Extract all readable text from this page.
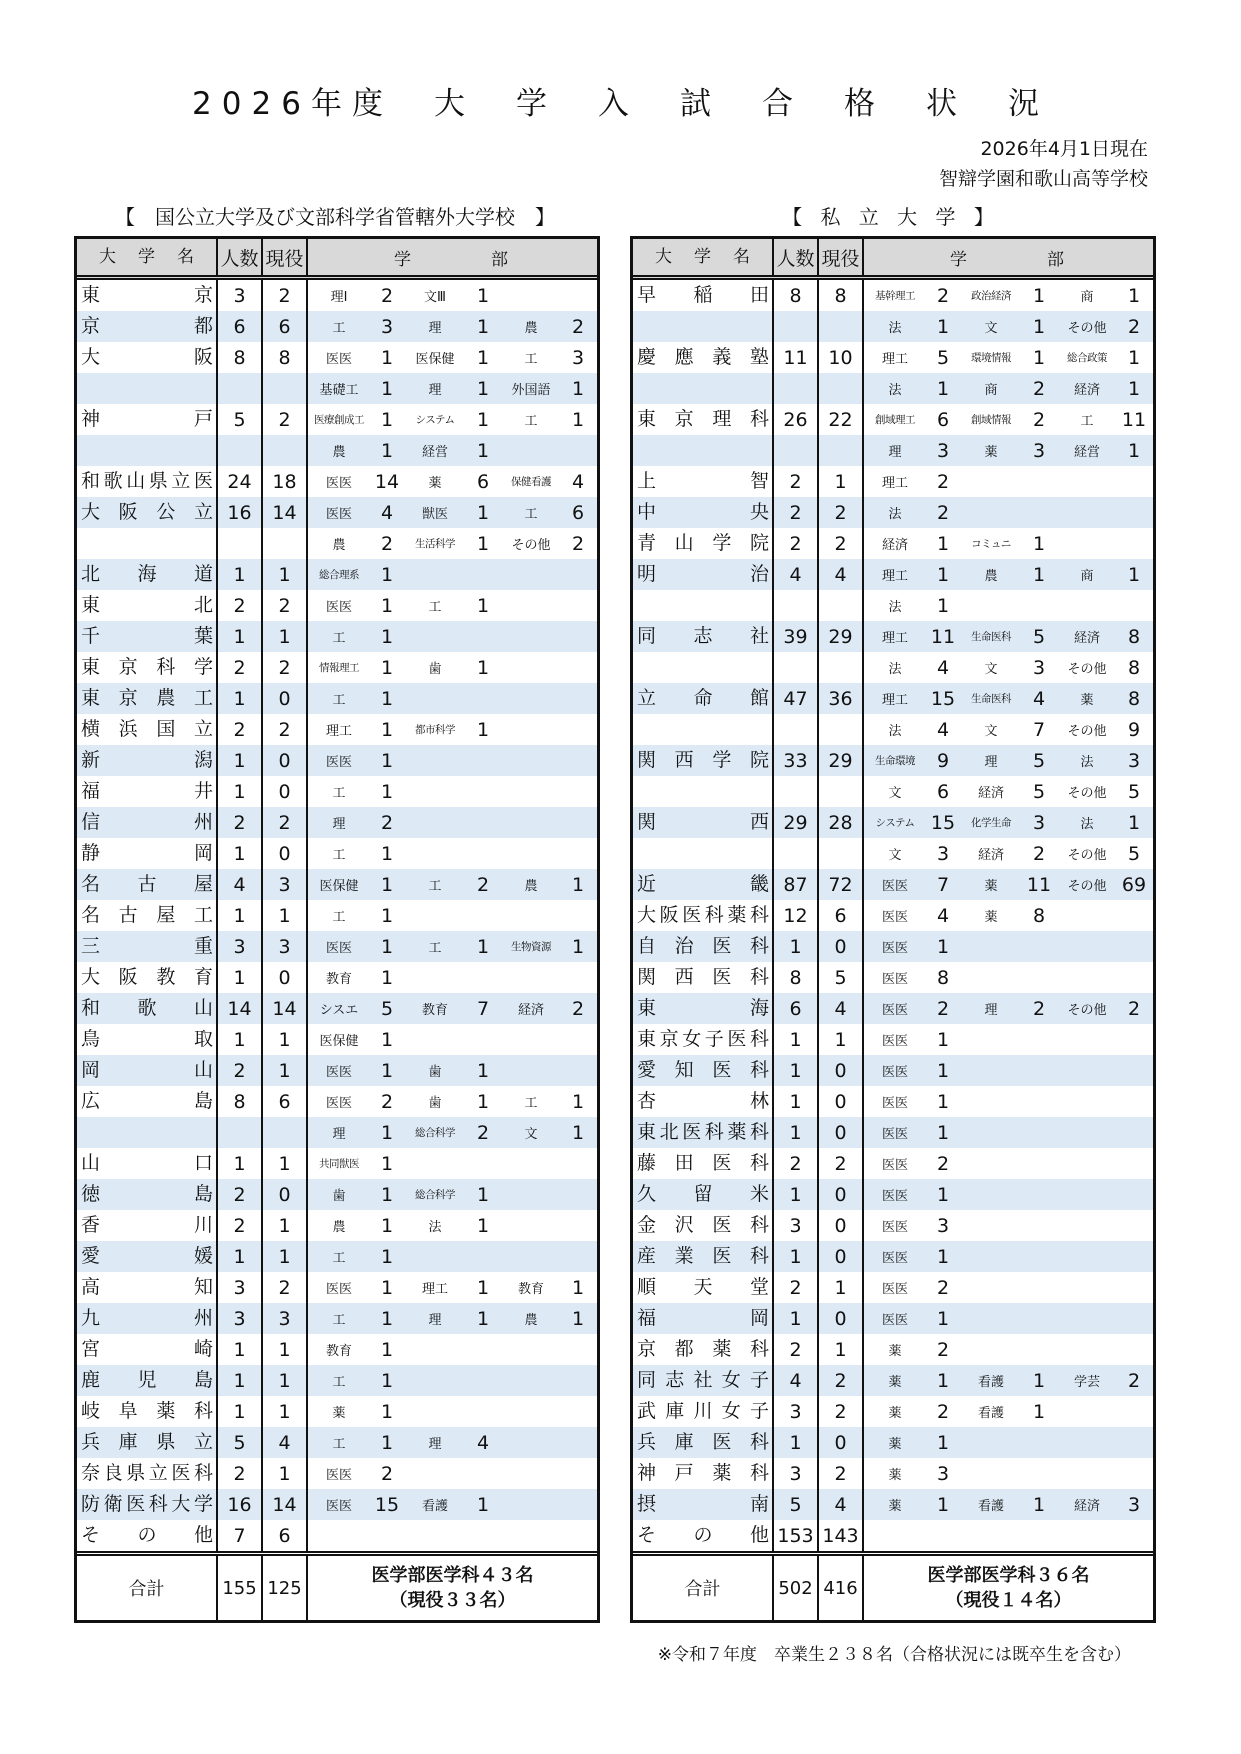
2026年度　大　学　入　試　合　格　状　況
2026年4月1日現在
智辯学園和歌山高等学校
【　国公立大学及び文部科学省管轄外大学校　】	【 私 立 大 学 】
大学名	人数 現役	学	部
東京	3	2	理Ⅰ	2	文Ⅲ	1
京都	6	6	工	3	理	1	農	2
大阪	8	8	医医	1	医保健	1	工	3
基礎工	1	理	1	外国語	1
神戸	5	2	医療創成工 1	システム	1	工	1
農	1	経営	1
和歌山県立医 24	18	医医	14	薬	6	保健看護	4
大阪公立 16	14	医医	4	獣医	1	工	6
農	2	生活科学	1	その他	2
北海道	1	1	総合理系	1
東北	2	2	医医	1	工	1
千葉	1	1	工	1
東京科学	2	2	情報理工	1	歯	1
東京農工	1	0	工	1
横浜国立	2	2	理工	1	都市科学	1
新潟	1	0	医医	1
福井	1	0	工	1
信州	2	2	理	2
静岡	1	0	工	1
名古屋	4	3	医保健	1	工	2	農	1
名古屋工	1	1	工	1
三重	3	3	医医	1	工	1	生物資源	1
大阪教育	1	0	教育	1
和歌山 14	14	シスエ	5	教育	7	経済	2
鳥取	1	1	医保健	1
岡山	2	1	医医	1	歯	1
広島	8	6	医医	2	歯	1	工	1
理	1	総合科学	2	文	1
山口	1	1	共同獣医	1
徳島	2	0	歯	1	総合科学	1
香川	2	1	農	1	法	1
愛媛	1	1	工	1
高知	3	2	医医	1	理工	1	教育	1
九州	3	3	工	1	理	1	農	1
宮崎	1	1	教育	1
鹿児島	1	1	工	1
岐阜薬科	1	1	薬	1
兵庫県立	5	4	工	1	理	4
奈良県立医科	2	1	医医	2
防衛医科大学 16	14	医医	15	看護	1
その他	7	6
合計	155 125
医学部医学科４３名
（現役３３名）
大学名	人数 現役	学	部
早稲田	8	8	基幹理工	2	政治経済	1	商	1
法	1	文	1	その他	2
慶應義塾 11	10	理工	5	環境情報	1	総合政策	1
法	1	商	2	経済	1
東京理科 26	22	創域理工	6	創域情報	2	工	11
理	3	薬	3	経営	1
上智	2	1	理工	2
中央	2	2	法	2
青山学院	2	2	経済	1	コミュニ	1
明治	4	4	理工	1	農	1	商	1
法	1
同志社 39	29	理工	11	生命医科	5	経済	8
法	4	文	3	その他	8
立命館 47	36	理工	15	生命医科	4	薬	8
法	4	文	7	その他	9
関西学院 33	29	生命環境	9	理	5	法	3
文	6	経済	5	その他	5
関西 29	28	システム 15	化学生命	3	法	1
文	3	経済	2	その他	5
近畿 87	72	医医	7	薬	11	その他 69
大阪医科薬科 12	6	医医	4	薬	8
自治医科	1	0	医医	1
関西医科	8	5	医医	8
東海	6	4	医医	2	理	2	その他	2
東京女子医科	1	1	医医	1
愛知医科	1	0	医医	1
杏林	1	0	医医	1
東北医科薬科	1	0	医医	1
藤田医科	2	2	医医	2
久留米	1	0	医医	1
金沢医科	3	0	医医	3
産業医科	1	0	医医	1
順天堂	2	1	医医	2
福岡	1	0	医医	1
京都薬科	2	1	薬	2
同志社女子	4	2	薬	1	看護	1	学芸	2
武庫川女子	3	2	薬	2	看護	1
兵庫医科	1	0	薬	1
神戸薬科	3	2	薬	3
摂南	5	4	薬	1	看護	1	経済	3
その他 153 143
合計	502 416
医学部医学科３６名
（現役１４名）
※令和７年度　卒業生２３８名（合格状況には既卒生を含む）
